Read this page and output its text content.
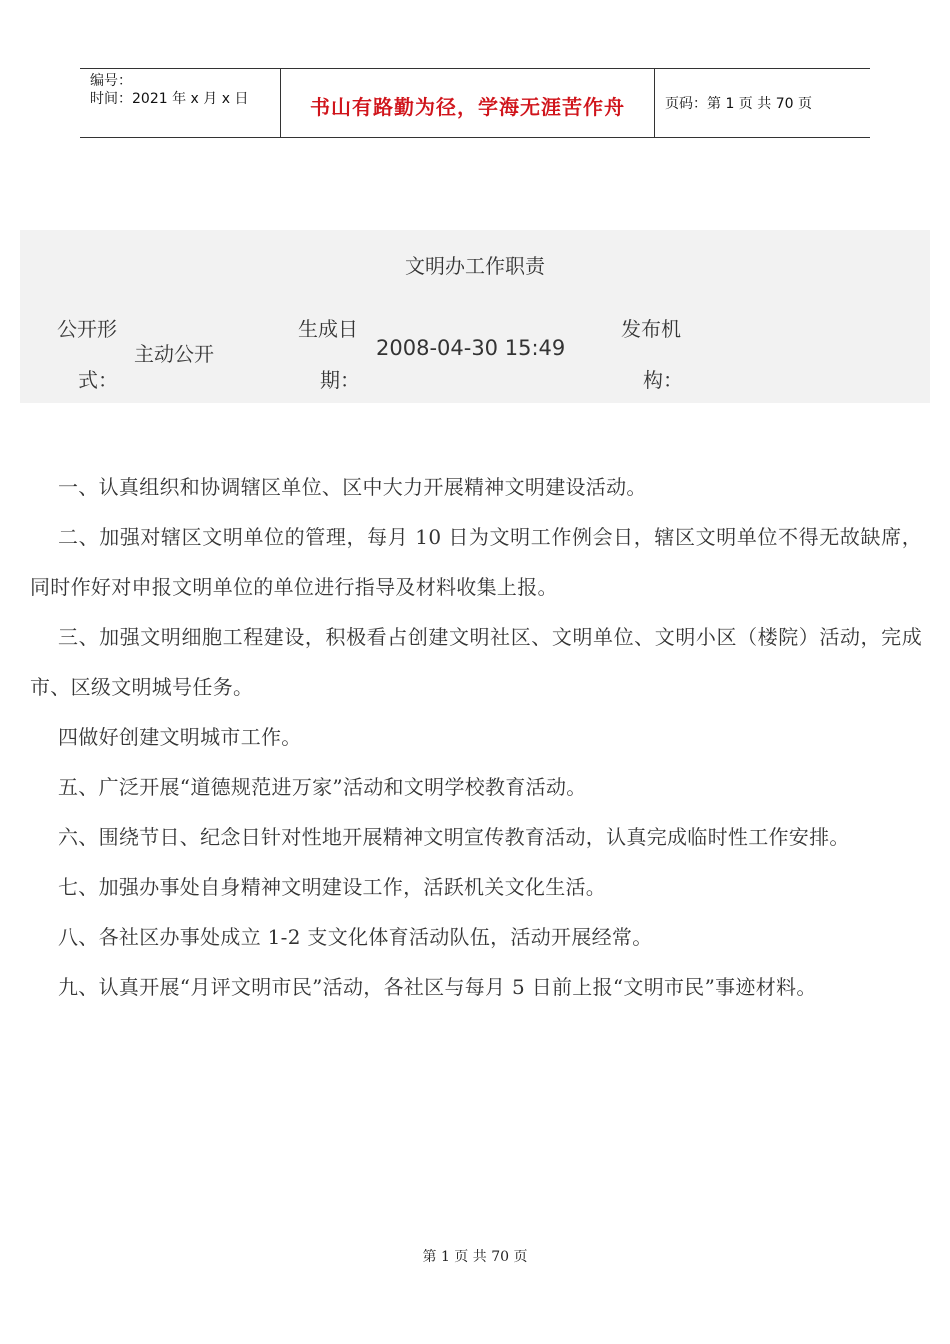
编号：
时间：2021 年 x 月 x 日	书山有路勤为径，学海无涯苦作舟	页码：第 1 页 共 70 页
文明办工作职责
公开形
式：
主动公开
生成日
期：
2008-04-30 15:49
发布机
构：

一、认真组织和协调辖区单位、区中大力开展精神文明建设活动。

二、加强对辖区文明单位的管理，每月 10 日为文明工作例会日，辖区文明单位不得无故缺席，同时作好对申报文明单位的单位进行指导及材料收集上报。

三、加强文明细胞工程建设，积极看占创建文明社区、文明单位、文明小区（楼院）活动，完成市、区级文明城号任务。

四做好创建文明城市工作。

五、广泛开展“道德规范进万家”活动和文明学校教育活动。

六、围绕节日、纪念日针对性地开展精神文明宣传教育活动，认真完成临时性工作安排。

七、加强办事处自身精神文明建设工作，活跃机关文化生活。

八、各社区办事处成立 1-2 支文化体育活动队伍，活动开展经常。

九、认真开展“月评文明市民”活动，各社区与每月 5 日前上报“文明市民”事迹材料。

第 1 页 共 70 页
